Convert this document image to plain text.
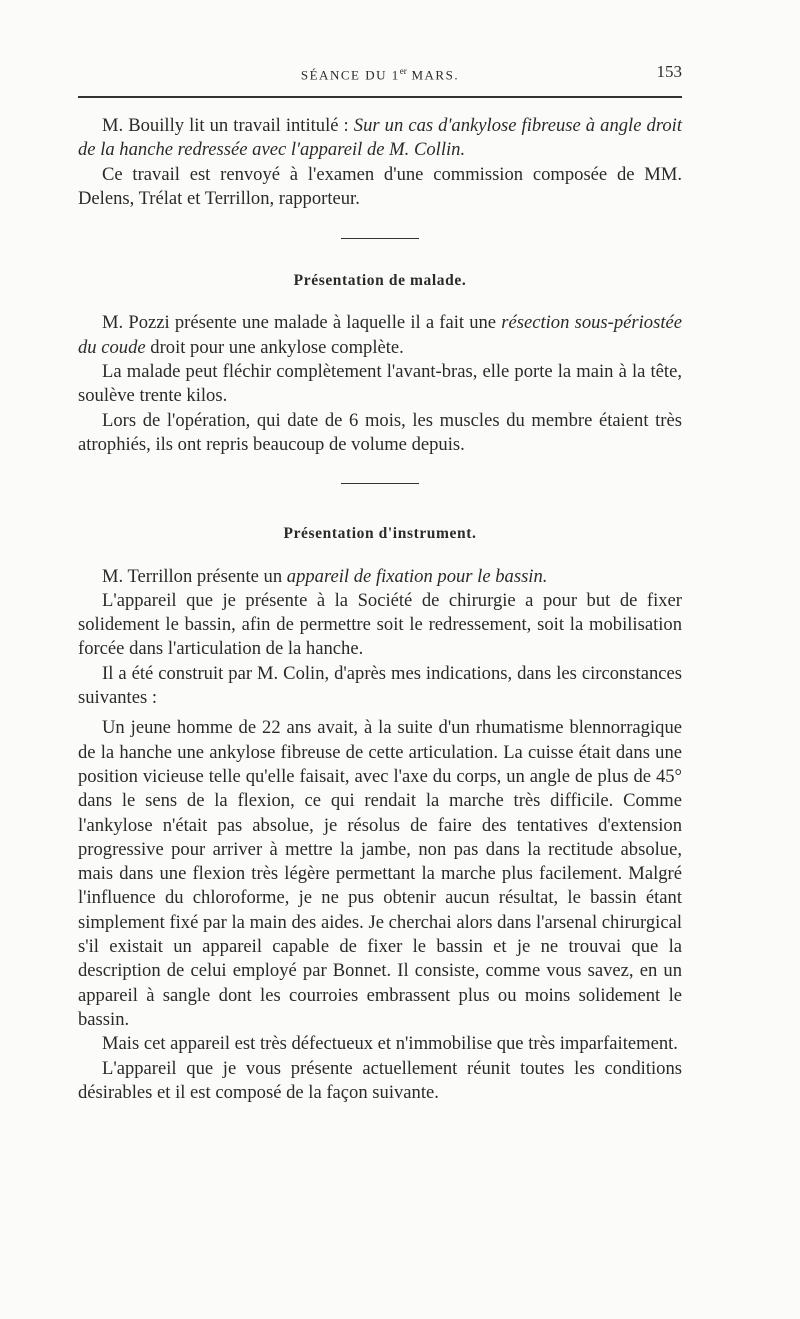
SÉANCE DU 1er MARS.	153

M. Bouilly lit un travail intitulé : Sur un cas d'ankylose fibreuse à angle droit de la hanche redressée avec l'appareil de M. Collin.

Ce travail est renvoyé à l'examen d'une commission composée de MM. Delens, Trélat et Terrillon, rapporteur.

Présentation de malade.

M. Pozzi présente une malade à laquelle il a fait une résection sous-périostée du coude droit pour une ankylose complète.

La malade peut fléchir complètement l'avant-bras, elle porte la main à la tête, soulève trente kilos.

Lors de l'opération, qui date de 6 mois, les muscles du membre étaient très atrophiés, ils ont repris beaucoup de volume depuis.

Présentation d'instrument.

M. Terrillon présente un appareil de fixation pour le bassin.

L'appareil que je présente à la Société de chirurgie a pour but de fixer solidement le bassin, afin de permettre soit le redressement, soit la mobilisation forcée dans l'articulation de la hanche.

Il a été construit par M. Colin, d'après mes indications, dans les circonstances suivantes :

Un jeune homme de 22 ans avait, à la suite d'un rhumatisme blennorragique de la hanche une ankylose fibreuse de cette articulation. La cuisse était dans une position vicieuse telle qu'elle faisait, avec l'axe du corps, un angle de plus de 45° dans le sens de la flexion, ce qui rendait la marche très difficile. Comme l'ankylose n'était pas absolue, je résolus de faire des tentatives d'extension progressive pour arriver à mettre la jambe, non pas dans la rectitude absolue, mais dans une flexion très légère permettant la marche plus facilement. Malgré l'influence du chloroforme, je ne pus obtenir aucun résultat, le bassin étant simplement fixé par la main des aides. Je cherchai alors dans l'arsenal chirurgical s'il existait un appareil capable de fixer le bassin et je ne trouvai que la description de celui employé par Bonnet. Il consiste, comme vous savez, en un appareil à sangle dont les courroies embrassent plus ou moins solidement le bassin.

Mais cet appareil est très défectueux et n'immobilise que très imparfaitement.

L'appareil que je vous présente actuellement réunit toutes les conditions désirables et il est composé de la façon suivante.
